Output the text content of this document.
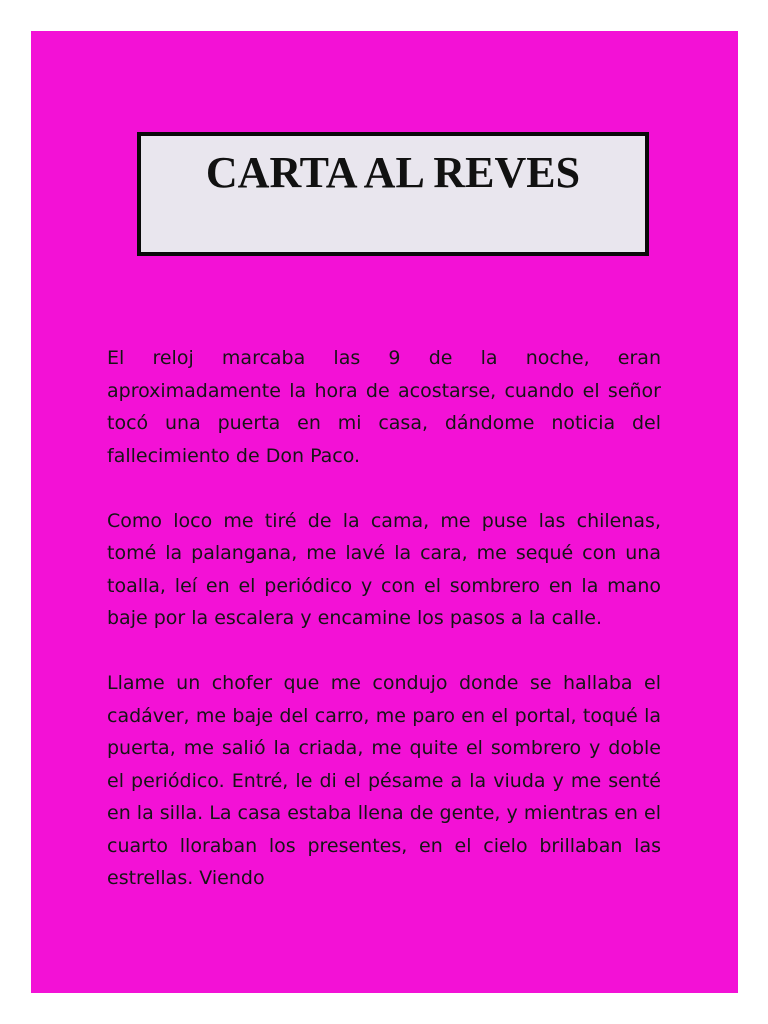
CARTA AL REVES

El reloj marcaba las 9 de la noche, eran aproximadamente la hora de acostarse, cuando el señor tocó una puerta en mi casa, dándome noticia del fallecimiento de Don Paco.

Como loco me tiré de la cama, me puse las chilenas, tomé la palangana, me lavé la cara, me sequé con una toalla, leí en el periódico y con el sombrero en la mano baje por la escalera y encamine los pasos a la calle.

Llame un chofer que me condujo donde se hallaba el cadáver, me baje del carro, me paro en el portal, toqué la puerta, me salió la criada, me quite el sombrero y doble el periódico. Entré, le di el pésame a la viuda y me senté en la silla. La casa estaba llena de gente, y mientras en el cuarto lloraban los presentes, en el cielo brillaban las estrellas. Viendo
